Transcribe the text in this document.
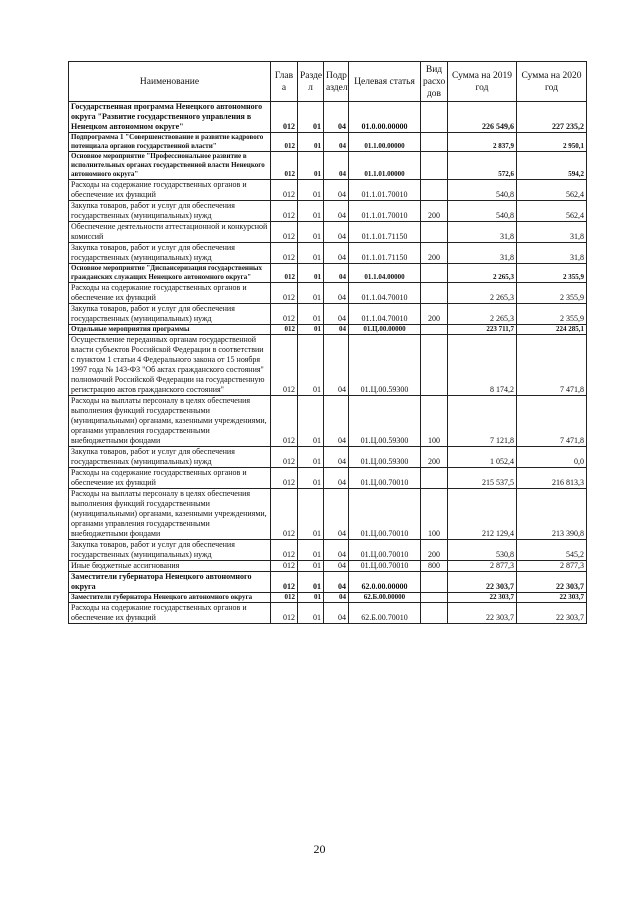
Наименование	Глав а	Разде л	Подр аздел	Целевая статья	Вид расхо дов	Сумма на 2019 год	Сумма на 2020 год
Государственная программа Ненецкого автономного округа "Развитие государственного управления в Ненецком автономном округе"	012	01	04	01.0.00.00000		226 549,6	227 235,2
Подпрограмма 1 "Совершенствование и развитие кадрового потенциала органов государственной власти"	012	01	04	01.1.00.00000		2 837,9	2 950,1
Основное мероприятие "Профессиональное развитие в исполнительных органах государственной власти Ненецкого автономного округа"	012	01	04	01.1.01.00000		572,6	594,2
Расходы на содержание государственных органов и обеспечение их функций	012	01	04	01.1.01.70010		540,8	562,4
Закупка товаров, работ и услуг для обеспечения государственных (муниципальных) нужд	012	01	04	01.1.01.70010	200	540,8	562,4
Обеспечение деятельности аттестационной и конкурсной комиссий	012	01	04	01.1.01.71150		31,8	31,8
Закупка товаров, работ и услуг для обеспечения государственных (муниципальных) нужд	012	01	04	01.1.01.71150	200	31,8	31,8
Основное мероприятие "Диспансеризация государственных гражданских служащих Ненецкого автономного округа"	012	01	04	01.1.04.00000		2 265,3	2 355,9
Расходы на содержание государственных органов и обеспечение их функций	012	01	04	01.1.04.70010		2 265,3	2 355,9
Закупка товаров, работ и услуг для обеспечения государственных (муниципальных) нужд	012	01	04	01.1.04.70010	200	2 265,3	2 355,9
Отдельные мероприятия программы	012	01	04	01.Ц.00.00000		223 711,7	224 285,1
Осуществление переданных органам государственной власти субъектов Российской Федерации в соответствии с пунктом 1 статьи 4 Федерального закона от 15 ноября 1997 года № 143-ФЗ "Об актах гражданского состояния" полномочий Российской Федерации на государственную регистрацию актов гражданского состояния"	012	01	04	01.Ц.00.59300		8 174,2	7 471,8
Расходы на выплаты персоналу в целях обеспечения выполнения функций государственными (муниципальными) органами, казенными учреждениями, органами управления государственными внебюджетными фондами	012	01	04	01.Ц.00.59300	100	7 121,8	7 471,8
Закупка товаров, работ и услуг для обеспечения государственных (муниципальных) нужд	012	01	04	01.Ц.00.59300	200	1 052,4	0,0
Расходы на содержание государственных органов и обеспечение их функций	012	01	04	01.Ц.00.70010		215 537,5	216 813,3
Расходы на выплаты персоналу в целях обеспечения выполнения функций государственными (муниципальными) органами, казенными учреждениями, органами управления государственными внебюджетными фондами	012	01	04	01.Ц.00.70010	100	212 129,4	213 390,8
Закупка товаров, работ и услуг для обеспечения государственных (муниципальных) нужд	012	01	04	01.Ц.00.70010	200	530,8	545,2
Иные бюджетные ассигнования	012	01	04	01.Ц.00.70010	800	2 877,3	2 877,3
Заместители губернатора Ненецкого автономного округа	012	01	04	62.0.00.00000		22 303,7	22 303,7
Заместители губернатора Ненецкого автономного округа	012	01	04	62.Б.00.00000		22 303,7	22 303,7
Расходы на содержание государственных органов и обеспечение их функций	012	01	04	62.Б.00.70010		22 303,7	22 303,7
20
